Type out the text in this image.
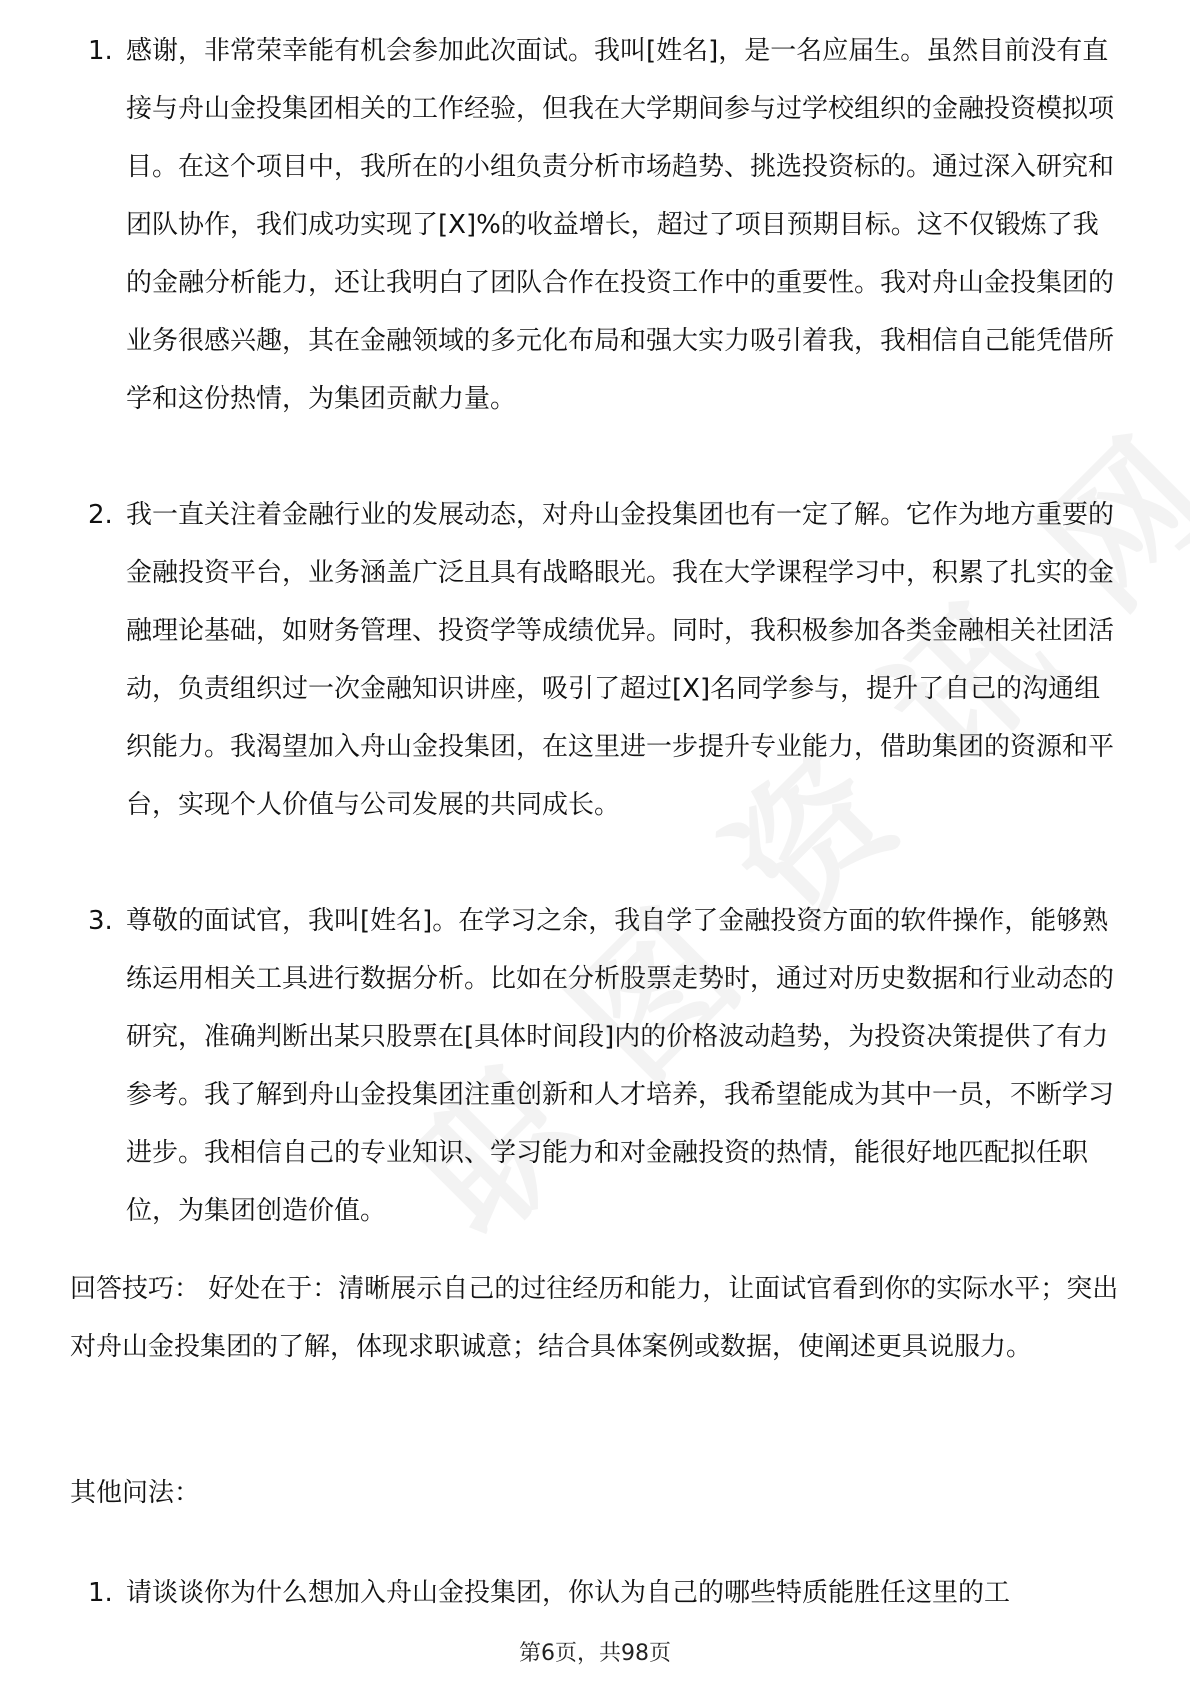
1. 感谢，非常荣幸能有机会参加此次面试。我叫[姓名]，是一名应届生。虽然目前没有直接与舟山金投集团相关的工作经验，但我在大学期间参与过学校组织的金融投资模拟项目。在这个项目中，我所在的小组负责分析市场趋势、挑选投资标的。通过深入研究和团队协作，我们成功实现了[X]%的收益增长，超过了项目预期目标。这不仅锻炼了我的金融分析能力，还让我明白了团队合作在投资工作中的重要性。我对舟山金投集团的业务很感兴趣，其在金融领域的多元化布局和强大实力吸引着我，我相信自己能凭借所学和这份热情，为集团贡献力量。

2. 我一直关注着金融行业的发展动态，对舟山金投集团也有一定了解。它作为地方重要的金融投资平台，业务涵盖广泛且具有战略眼光。我在大学课程学习中，积累了扎实的金融理论基础，如财务管理、投资学等成绩优异。同时，我积极参加各类金融相关社团活动，负责组织过一次金融知识讲座，吸引了超过[X]名同学参与，提升了自己的沟通组织能力。我渴望加入舟山金投集团，在这里进一步提升专业能力，借助集团的资源和平台，实现个人价值与公司发展的共同成长。

3. 尊敬的面试官，我叫[姓名]。在学习之余，我自学了金融投资方面的软件操作，能够熟练运用相关工具进行数据分析。比如在分析股票走势时，通过对历史数据和行业动态的研究，准确判断出某只股票在[具体时间段]内的价格波动趋势，为投资决策提供了有力参考。我了解到舟山金投集团注重创新和人才培养，我希望能成为其中一员，不断学习进步。我相信自己的专业知识、学习能力和对金融投资的热情，能很好地匹配拟任职位，为集团创造价值。

回答技巧： 好处在于：清晰展示自己的过往经历和能力，让面试官看到你的实际水平；突出对舟山金投集团的了解，体现求职诚意；结合具体案例或数据，使阐述更具说服力。

其他问法：

1. 请谈谈你为什么想加入舟山金投集团，你认为自己的哪些特质能胜任这里的工

第6页，共98页
